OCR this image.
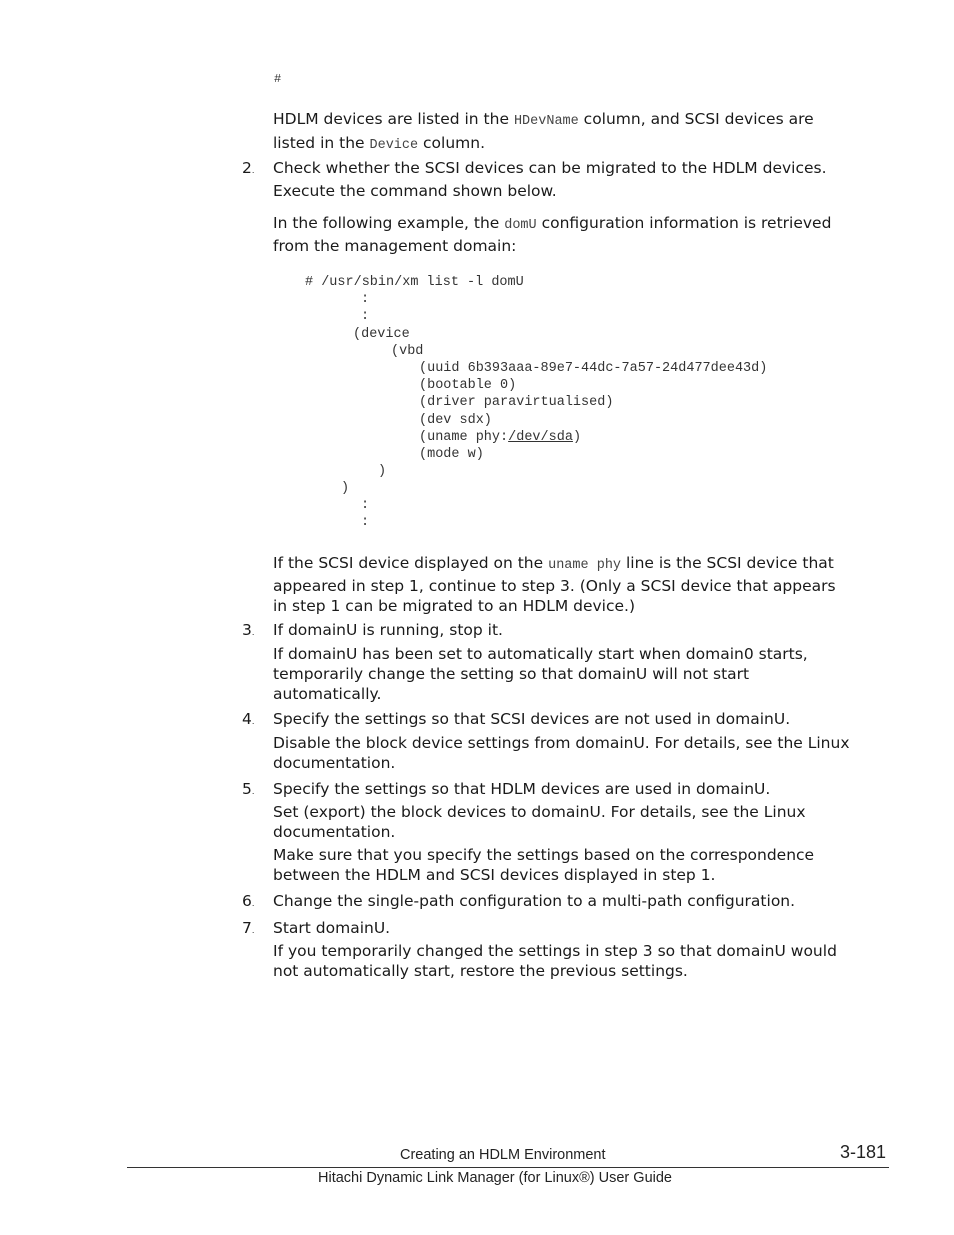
#
HDLM devices are listed in the HDevName column, and SCSI devices are
listed in the Device column.
2. Check whether the SCSI devices can be migrated to the HDLM devices.
Execute the command shown below.
In the following example, the domU configuration information is retrieved
from the management domain:
# /usr/sbin/xm list -l domU
:
:
(device
(vbd
(uuid 6b393aaa-89e7-44dc-7a57-24d477dee43d)
(bootable 0)
(driver paravirtualised)
(dev sdx)
(uname phy:/dev/sda)
(mode w)
)
)
:
:
If the SCSI device displayed on the uname phy line is the SCSI device that
appeared in step 1, continue to step 3. (Only a SCSI device that appears
in step 1 can be migrated to an HDLM device.)
3. If domainU is running, stop it.
If domainU has been set to automatically start when domain0 starts,
temporarily change the setting so that domainU will not start
automatically.
4. Specify the settings so that SCSI devices are not used in domainU.
Disable the block device settings from domainU. For details, see the Linux
documentation.
5. Specify the settings so that HDLM devices are used in domainU.
Set (export) the block devices to domainU. For details, see the Linux
documentation.
Make sure that you specify the settings based on the correspondence
between the HDLM and SCSI devices displayed in step 1.
6. Change the single-path configuration to a multi-path configuration.
7. Start domainU.
If you temporarily changed the settings in step 3 so that domainU would
not automatically start, restore the previous settings.
Creating an HDLM Environment	3-181
Hitachi Dynamic Link Manager (for Linux®) User Guide
